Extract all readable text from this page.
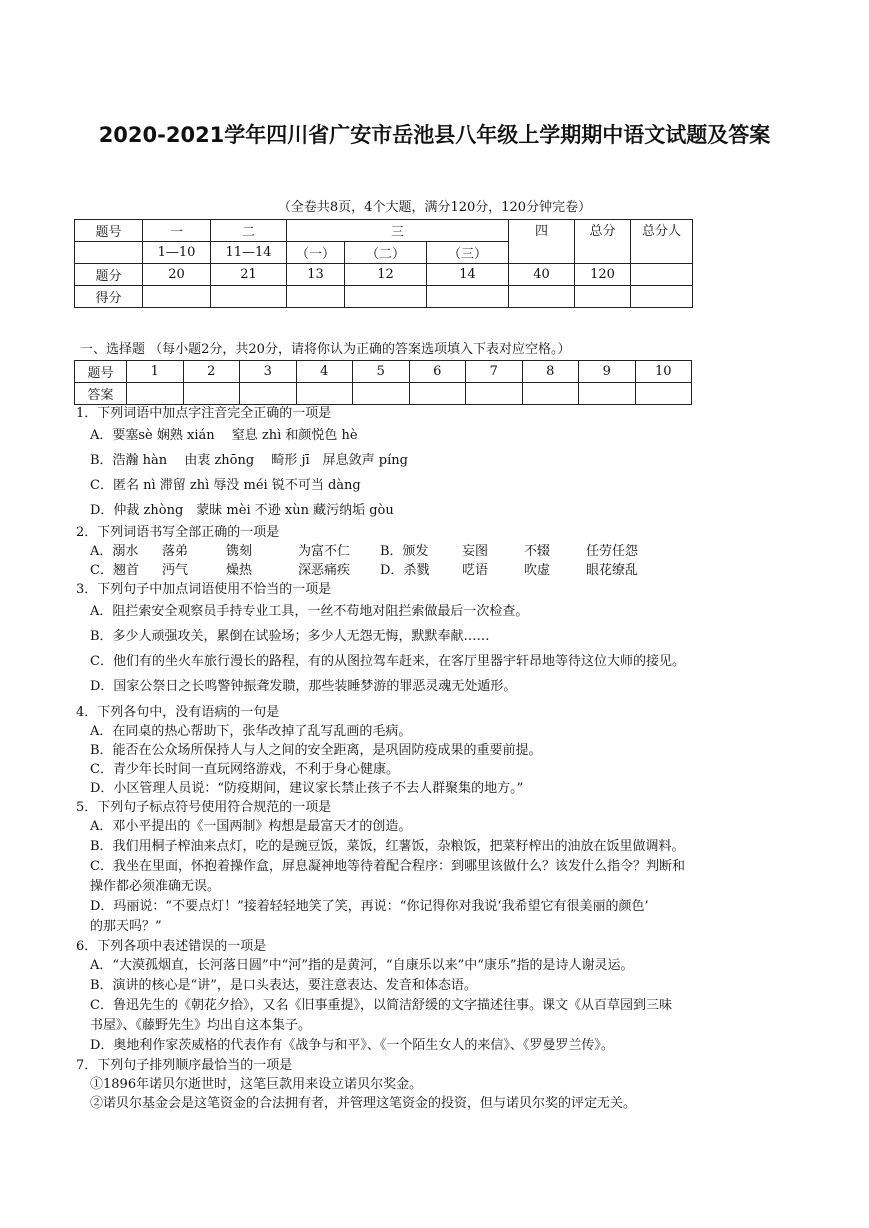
2020-2021学年四川省广安市岳池县八年级上学期期中语文试题及答案
（全卷共8页，4个大题，满分120分，120分钟完卷）
题号	一	二	三			四	总分	总分人
	1—10	11—14	（一）	（二）	（三）			
题分	20	21	13	12	14	40	120	
得分								
一、选择题 （每小题2分，共20分，请将你认为正确的答案选项填入下表对应空格。）
题号	1	2	3	4	5	6	7	8	9	10
答案										
1．下列词语中加点字注音完全正确的一项是
A．要塞sè 娴熟 xián　 窒息 zhì 和颜悦色 hè
B．浩瀚 hàn　 由衷 zhōng　 畸形 jī　屏息敛声 píng
C．匿名 nì 滞留 zhì 辱没 méi 锐不可当 dàng
D．仲裁 zhòng　蒙昧 mèi 不逊 xùn 藏污纳垢 gòu
2．下列词语书写全部正确的一项是
A．溺水	落弟	镌刻	为富不仁	B．颁发	妄图	不辍	任劳任怨
C．翘首	沔气	燥热	深恶痛疾	D．杀戮	呓语	吹虚	眼花缭乱
3．下列句子中加点词语使用不恰当的一项是
A．阻拦索安全观察员手持专业工具，一丝不苟地对阻拦索做最后一次检查。
B．多少人顽强攻关，累倒在试验场；多少人无怨无悔，默默奉献……
C．他们有的坐火车旅行漫长的路程，有的从图拉驾车赶来，在客厅里器宇轩昂地等待这位大师的接见。
D．国家公祭日之长鸣警钟振聋发聩，那些装睡梦游的罪恶灵魂无处遁形。
4．下列各句中，没有语病的一句是
A．在同桌的热心帮助下，张华改掉了乱写乱画的毛病。
B．能否在公众场所保持人与人之间的安全距离，是巩固防疫成果的重要前提。
C．青少年长时间一直玩网络游戏，不利于身心健康。
D．小区管理人员说：“防疫期间，建议家长禁止孩子不去人群聚集的地方。”
5．下列句子标点符号使用符合规范的一项是
A．邓小平提出的《一国两制》构想是最富天才的创造。
B．我们用桐子榨油来点灯，吃的是豌豆饭，菜饭，红薯饭，杂粮饭，把菜籽榨出的油放在饭里做调料。
C．我坐在里面，怀抱着操作盒，屏息凝神地等待着配合程序：到哪里该做什么？该发什么指令？判断和
操作都必须准确无误。
D．玛丽说：“不要点灯！”接着轻轻地笑了笑，再说：“你记得你对我说‘我希望它有很美丽的颜色’
的那天吗？”
6．下列各项中表述错误的一项是
A．“大漠孤烟直，长河落日圆”中“河”指的是黄河，“自康乐以来”中“康乐”指的是诗人谢灵运。
B．演讲的核心是“讲”，是口头表达，要注意表达、发音和体态语。
C．鲁迅先生的《朝花夕拾》，又名《旧事重提》，以简洁舒缓的文字描述往事。课文《从百草园到三味
书屋》、《藤野先生》均出自这本集子。
D．奥地利作家茨威格的代表作有《战争与和平》、《一个陌生女人的来信》、《罗曼罗兰传》。
7．下列句子排列顺序最恰当的一项是
①1896年诺贝尔逝世时，这笔巨款用来设立诺贝尔奖金。
②诺贝尔基金会是这笔资金的合法拥有者，并管理这笔资金的投资，但与诺贝尔奖的评定无关。
